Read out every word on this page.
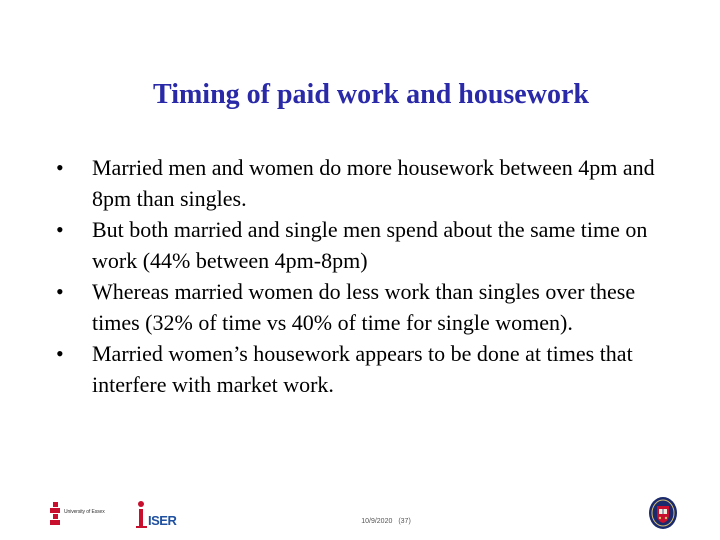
Timing of paid work and housework
• Married men and women do more housework between 4pm and 8pm than singles.
• But both married and single men spend about the same time on work (44% between 4pm-8pm)
• Whereas married women do less work than singles over these times (32% of time vs 40% of time for single women).
• Married women’s housework appears to be done at times that interfere with market work.
University of Essex
ISER	10/9/2020 (37)
